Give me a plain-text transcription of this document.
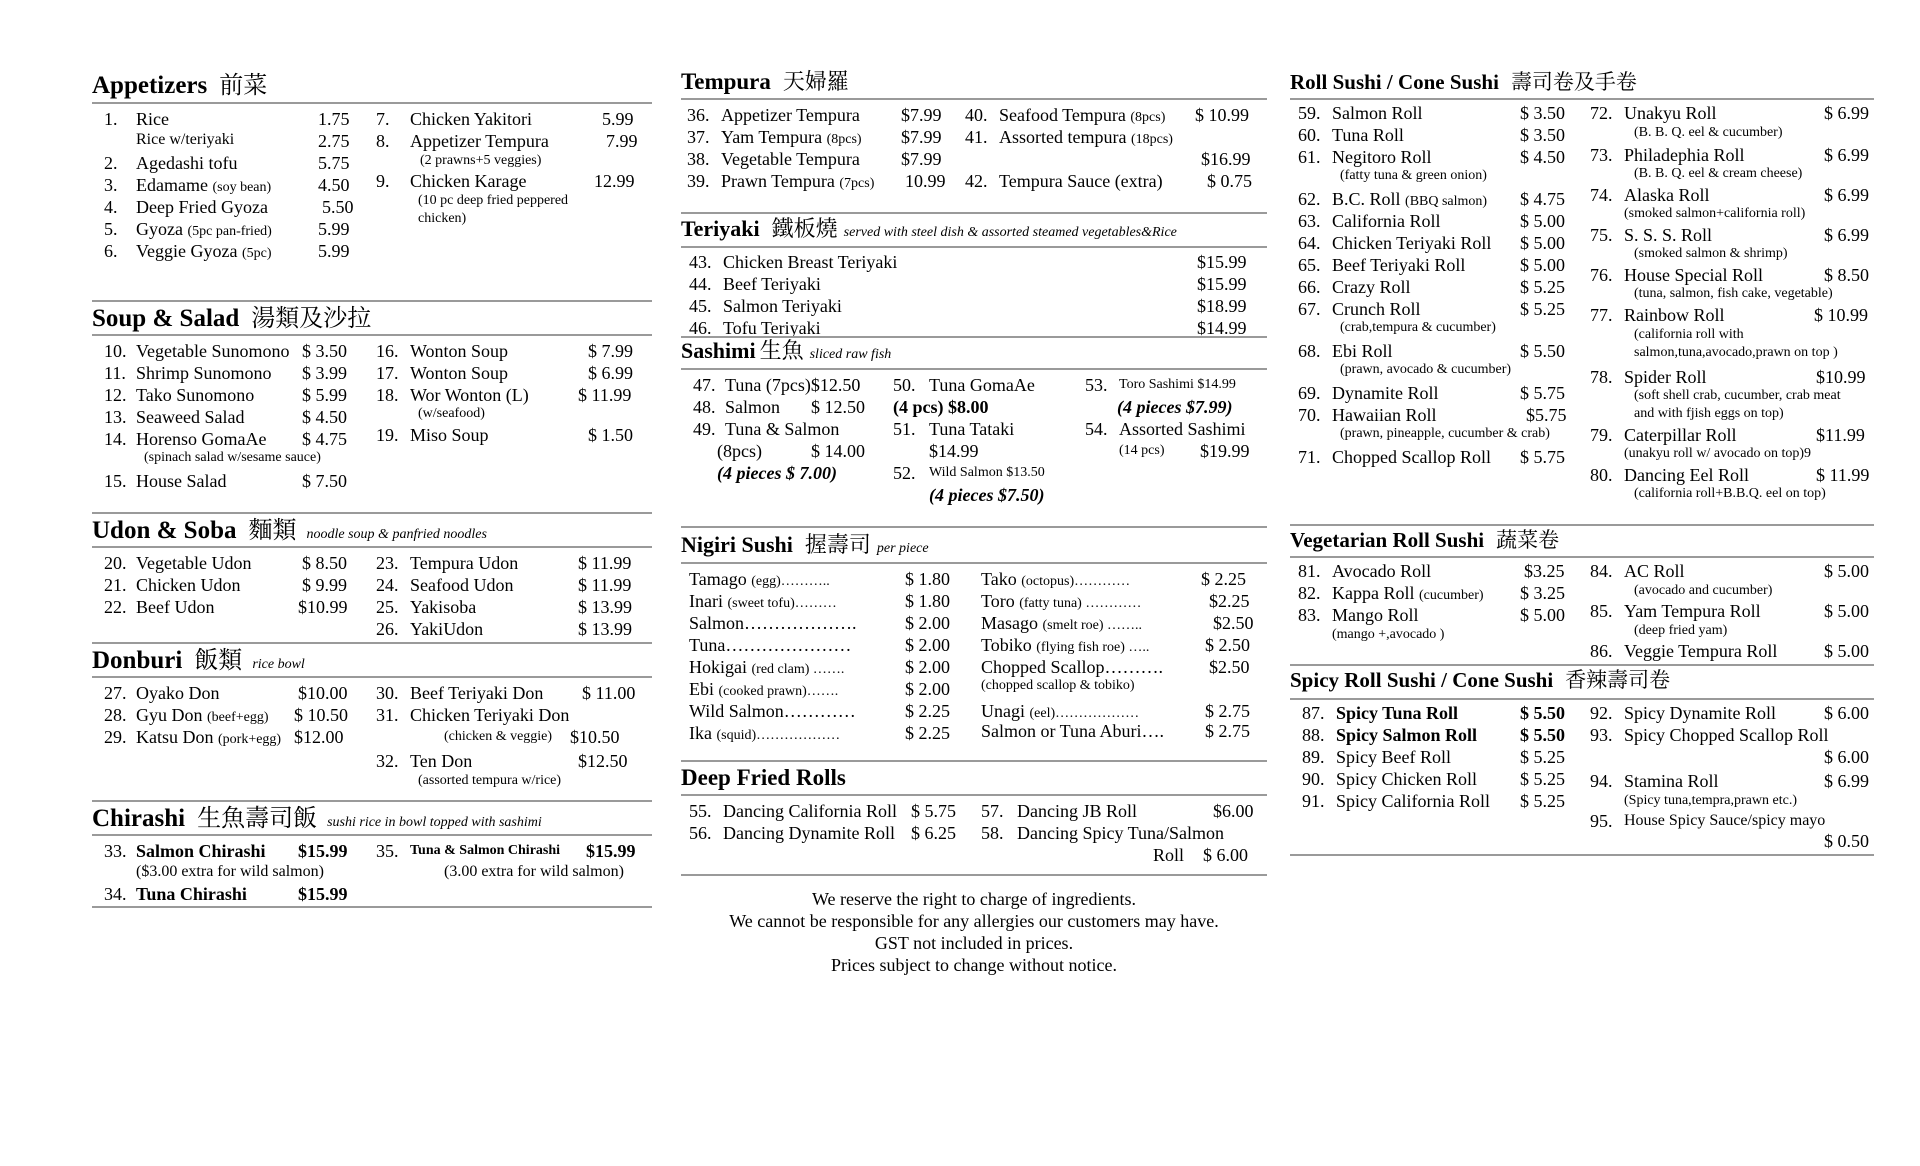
Appetizers 前菜
1. Rice	1.75
Rice w/teriyaki	2.75
2. Agedashi tofu	5.75
3. Edamame (soy bean)	4.50
4. Deep Fried Gyoza	5.50
5. Gyoza (5pc pan-fried)	5.99
6. Veggie Gyoza (5pc)	5.99
7. Chicken Yakitori	5.99
8. Appetizer Tempura	7.99
(2 prawns+5 veggies)
9. Chicken Karage	12.99
(10 pc deep fried peppered
chicken)
Soup & Salad 湯類及沙拉
10. Vegetable Sunomono $ 3.50
11. Shrimp Sunomono $ 3.99
12. Tako Sunomono	$ 5.99
13. Seaweed Salad	$ 4.50
14. Horenso GomaAe $ 4.75
(spinach salad w/sesame sauce)
15. House Salad	$ 7.50
16. Wonton Soup	$ 7.99
17. Wonton Soup	$ 6.99
18. Wor Wonton (L)	$ 11.99
(w/seafood)
19. Miso Soup	$ 1.50
Udon & Soba 麵類 noodle soup & panfried noodles
20. Vegetable Udon	$ 8.50
21. Chicken Udon	$ 9.99
22. Beef Udon	$10.99
23. Tempura Udon	$ 11.99
24. Seafood Udon	$ 11.99
25. Yakisoba	$ 13.99
26. YakiUdon	$ 13.99
Donburi 飯類 rice bowl
27. Oyako Don	$10.00
28. Gyu Don (beef+egg) $ 10.50
29. Katsu Don (pork+egg) $12.00
30. Beef Teriyaki Don $ 11.00
31. Chicken Teriyaki Don
(chicken & veggie) $10.50
32. Ten Don	$12.50
(assorted tempura w/rice)
Chirashi 生魚壽司飯 sushi rice in bowl topped with sashimi
33. Salmon Chirashi $15.99
($3.00 extra for wild salmon)
34. Tuna Chirashi	$15.99
35. Tuna & Salmon Chirashi $15.99
(3.00 extra for wild salmon)
Tempura 天婦羅
36. Appetizer Tempura $7.99
37. Yam Tempura (8pcs) $7.99
38. Vegetable Tempura $7.99
39. Prawn Tempura (7pcs) 10.99
40. Seafood Tempura (8pcs) $ 10.99
41. Assorted tempura (18pcs)
$16.99
42. Tempura Sauce (extra) $ 0.75
Teriyaki 鐵板燒 served with steel dish & assorted steamed vegetables&Rice
43. Chicken Breast Teriyaki	$15.99
44. Beef Teriyaki	$15.99
45. Salmon Teriyaki	$18.99
46. Tofu Teriyaki	$14.99
Sashimi 生魚 sliced raw fish
47. Tuna (7pcs)$12.50
48. Salmon $ 12.50
49. Tuna & Salmon
(8pcs)	$ 14.00
(4 pieces $ 7.00)
50. Tuna GomaAe
(4 pcs) $8.00
51. Tuna Tataki
$14.99
52. Wild Salmon $13.50
(4 pieces $7.50)
53. Toro Sashimi $14.99
(4 pieces $7.99)
54. Assorted Sashimi
(14 pcs) $19.99
Nigiri Sushi 握壽司 per piece
Tamago (egg)………..	$ 1.80
Inari (sweet tofu)………	$ 1.80
Salmon……………….	$ 2.00
Tuna…………………	$ 2.00
Hokigai (red clam) …….	$ 2.00
Ebi (cooked prawn)…….	$ 2.00
Wild Salmon…………	$ 2.25
Ika (squid)………………	$ 2.25
Tako (octopus)…………	$ 2.25
Toro (fatty tuna) …………	$2.25
Masago (smelt roe) ……..	$2.50
Tobiko (flying fish roe) …..	$ 2.50
Chopped Scallop……….	$2.50
(chopped scallop & tobiko)
Unagi (eel)………………	$ 2.75
Salmon or Tuna Aburi…. $ 2.75
Deep Fried Rolls
55. Dancing California Roll $ 5.75
56. Dancing Dynamite Roll $ 6.25
57. Dancing JB Roll	$6.00
58. Dancing Spicy Tuna/Salmon
Roll $ 6.00
We reserve the right to charge of ingredients.
We cannot be responsible for any allergies our customers may have.
GST not included in prices.
Prices subject to change without notice.
Roll Sushi / Cone Sushi 壽司卷及手卷
59. Salmon Roll	$ 3.50
60. Tuna Roll	$ 3.50
61. Negitoro Roll	$ 4.50
(fatty tuna & green onion)
62. B.C. Roll (BBQ salmon) $ 4.75
63. California Roll	$ 5.00
64. Chicken Teriyaki Roll $ 5.00
65. Beef Teriyaki Roll	$ 5.00
66. Crazy Roll	$ 5.25
67. Crunch Roll	$ 5.25
(crab,tempura & cucumber)
68. Ebi Roll	$ 5.50
(prawn, avocado & cucumber)
69. Dynamite Roll	$ 5.75
70. Hawaiian Roll	$5.75
(prawn, pineapple, cucumber & crab)
71. Chopped Scallop Roll $ 5.75
72. Unakyu Roll	$ 6.99
(B. B. Q. eel & cucumber)
73. Philadephia Roll	$ 6.99
(B. B. Q. eel & cream cheese)
74. Alaska Roll	$ 6.99
(smoked salmon+california roll)
75. S. S. S. Roll	$ 6.99
(smoked salmon & shrimp)
76. House Special Roll	$ 8.50
(tuna, salmon, fish cake, vegetable)
77. Rainbow Roll	$ 10.99
(california roll with
salmon,tuna,avocado,prawn on top )
78. Spider Roll	$10.99
(soft shell crab, cucumber, crab meat
and with fjish eggs on top)
79. Caterpillar Roll	$11.99
(unakyu roll w/ avocado on top)9
80. Dancing Eel Roll	$ 11.99
(california roll+B.B.Q. eel on top)
Vegetarian Roll Sushi 蔬菜卷
81. Avocado Roll	$3.25
82. Kappa Roll (cucumber) $ 3.25
83. Mango Roll	$ 5.00
(mango +,avocado )
84. AC Roll	$ 5.00
(avocado and cucumber)
85. Yam Tempura Roll	$ 5.00
(deep fried yam)
86. Veggie Tempura Roll	$ 5.00
Spicy Roll Sushi / Cone Sushi 香辣壽司卷
87. Spicy Tuna Roll	$ 5.50
88. Spicy Salmon Roll $ 5.50
89. Spicy Beef Roll	$ 5.25
90. Spicy Chicken Roll $ 5.25
91. Spicy California Roll $ 5.25
92. Spicy Dynamite Roll	$ 6.00
93. Spicy Chopped Scallop Roll
$ 6.00
94. Stamina Roll	$ 6.99
(Spicy tuna,tempra,prawn etc.)
95. House Spicy Sauce/spicy mayo
$ 0.50
